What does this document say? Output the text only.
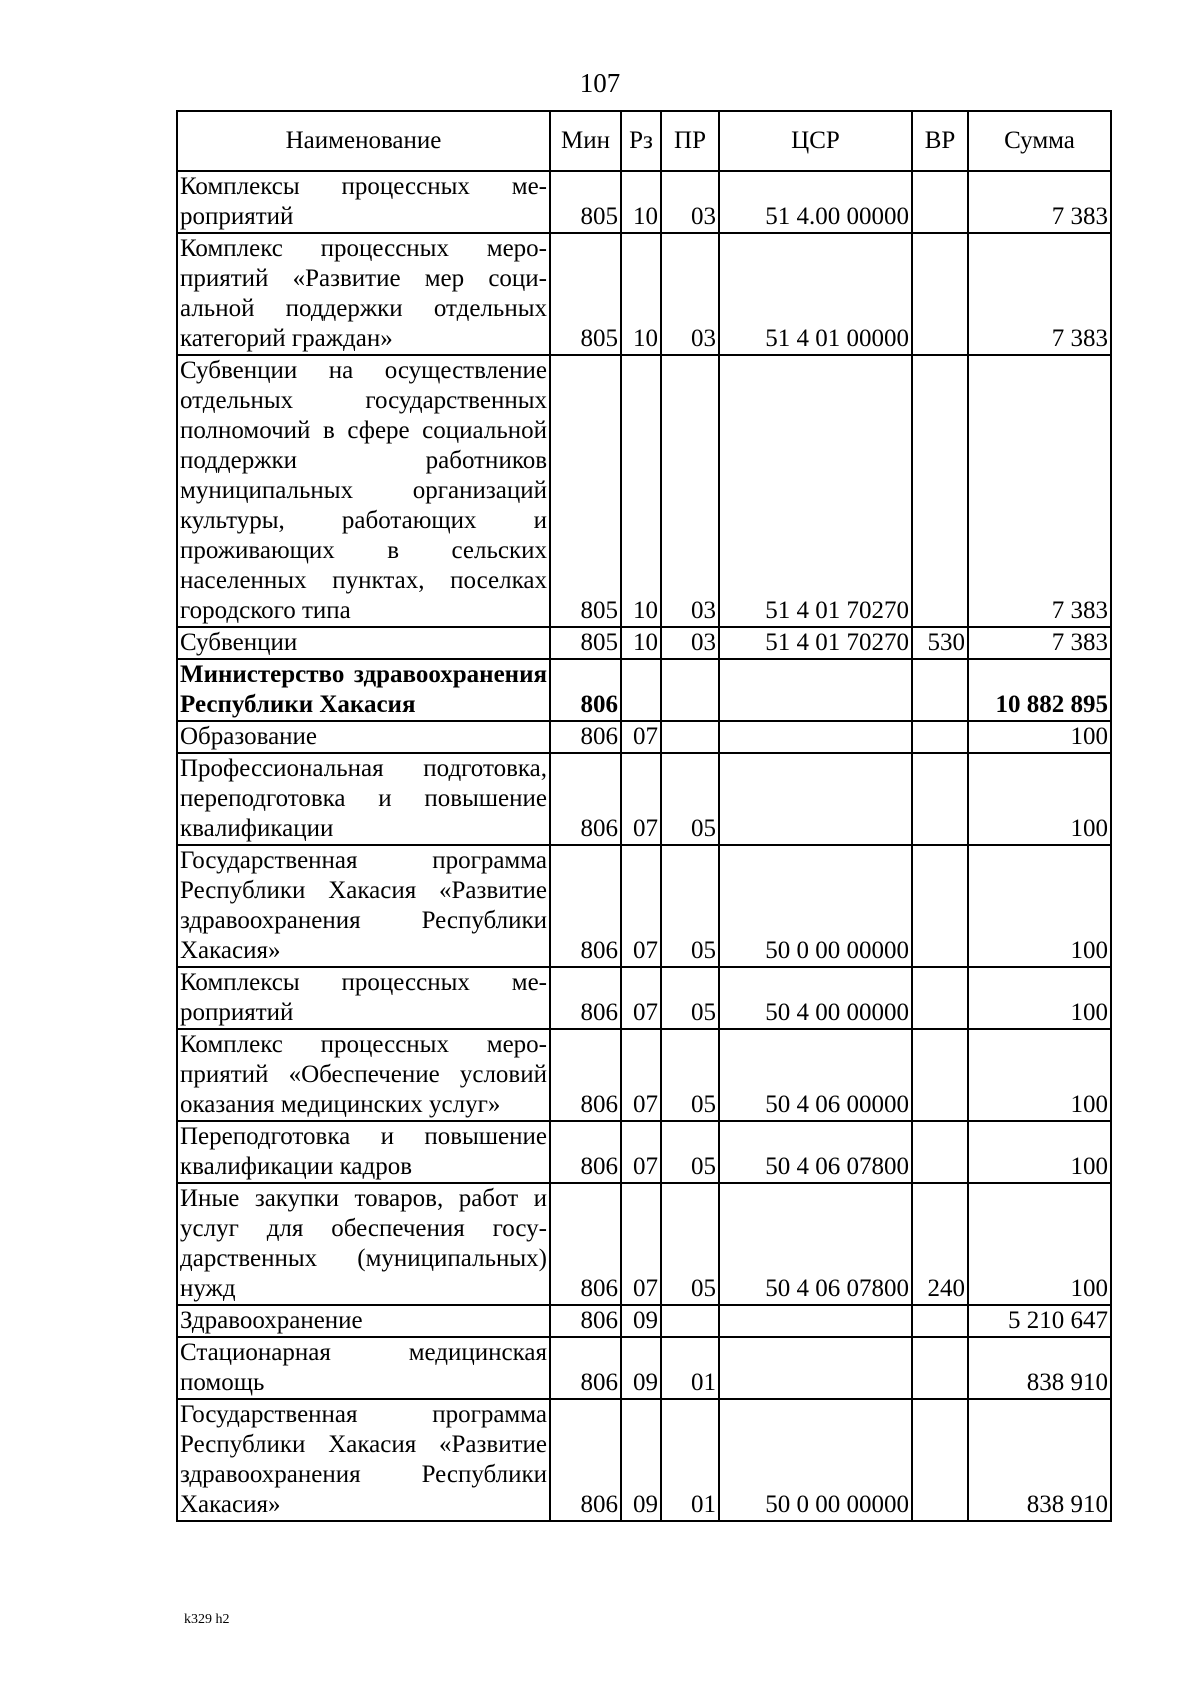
107
Наименование	Мин	Рз	ПР	ЦСР	ВР	Сумма
Комплексы процессных мероприятий	805	10	03	51 4.00 00000		7 383
Комплекс процессных мероприятий «Развитие мер социальной поддержки отдельных категорий граждан»	805	10	03	51 4 01 00000		7 383
Субвенции на осуществление отдельных государственных полномочий в сфере социальной поддержки работников муниципальных организаций культуры, работающих и проживающих в сельских населенных пунктах, поселках городского типа	805	10	03	51 4 01 70270		7 383
Субвенции	805	10	03	51 4 01 70270	530	7 383
Министерство здравоохранения Республики Хакасия	806					10 882 895
Образование	806	07				100
Профессиональная подготовка, переподготовка и повышение квалификации	806	07	05			100
Государственная программа Республики Хакасия «Развитие здравоохранения Республики Хакасия»	806	07	05	50 0 00 00000		100
Комплексы процессных мероприятий	806	07	05	50 4 00 00000		100
Комплекс процессных мероприятий «Обеспечение условий оказания медицинских услуг»	806	07	05	50 4 06 00000		100
Переподготовка и повышение квалификации кадров	806	07	05	50 4 06 07800		100
Иные закупки товаров, работ и услуг для обеспечения государственных (муниципальных) нужд	806	07	05	50 4 06 07800	240	100
Здравоохранение	806	09				5 210 647
Стационарная медицинская помощь	806	09	01			838 910
Государственная программа Республики Хакасия «Развитие здравоохранения Республики Хакасия»	806	09	01	50 0 00 00000		838 910
k329 h2
